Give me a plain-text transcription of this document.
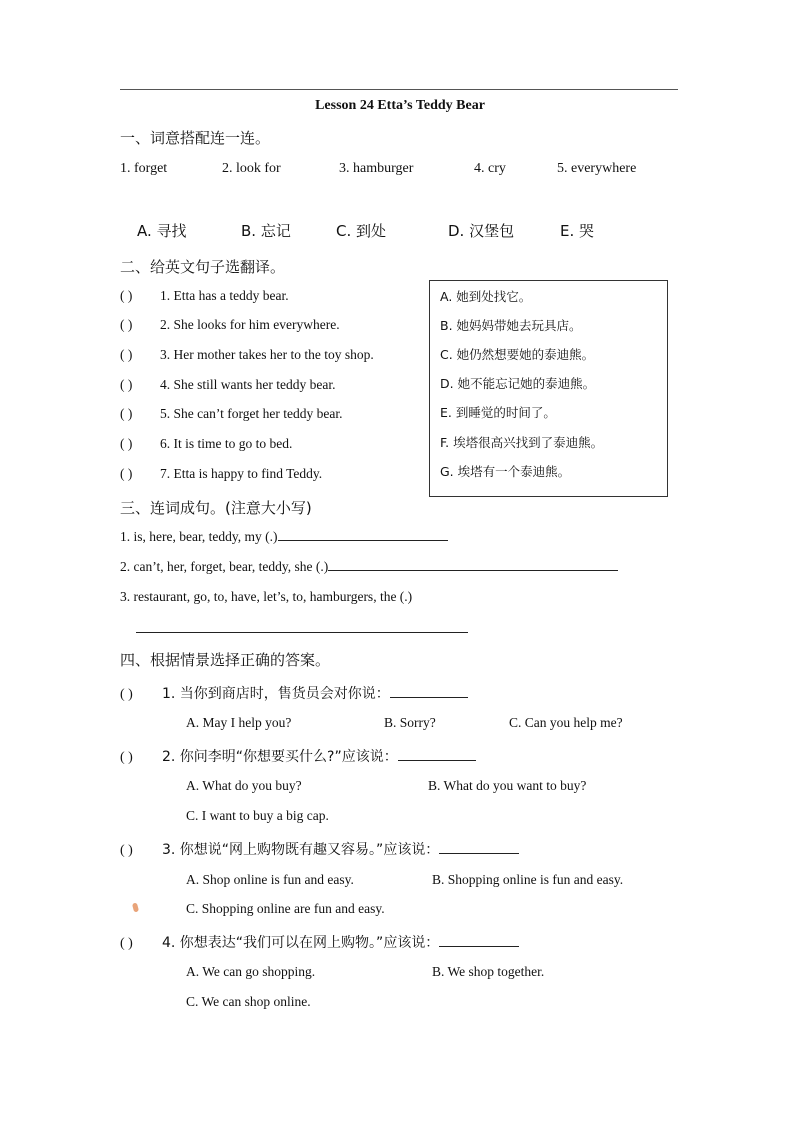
Lesson 24 Etta’s Teddy Bear
一、词意搭配连一连。
1. forget	2. look for	3. hamburger	4. cry	5. everywhere
A. 寻找	B. 忘记	C. 到处	D. 汉堡包	E. 哭
二、给英文句子选翻译。
( ) 1. Etta has a teddy bear.
( ) 2. She looks for him everywhere.
( ) 3. Her mother takes her to the toy shop.
( ) 4. She still wants her teddy bear.
( ) 5. She can’t forget her teddy bear.
( ) 6. It is time to go to bed.
( ) 7. Etta is happy to find Teddy.
A. 她到处找它。
B. 她妈妈带她去玩具店。
C. 她仍然想要她的泰迪熊。
D. 她不能忘记她的泰迪熊。
E. 到睡觉的时间了。
F. 埃塔很高兴找到了泰迪熊。
G. 埃塔有一个泰迪熊。
三、连词成句。(注意大小写)
1. is, here, bear, teddy, my (.)
2. can’t, her, forget, bear, teddy, she (.)
3. restaurant, go, to, have, let’s, to, hamburgers, the (.)
四、根据情景选择正确的答案。
( ) 1. 当你到商店时，售货员会对你说：
A. May I help you?	B. Sorry?	C. Can you help me?
( ) 2. 你问李明“你想要买什么?”应该说：
A. What do you buy?	B. What do you want to buy?
C. I want to buy a big cap.
( ) 3. 你想说“网上购物既有趣又容易。”应该说：
A. Shop online is fun and easy.	B. Shopping online is fun and easy.
C. Shopping online are fun and easy.
( ) 4. 你想表达“我们可以在网上购物。”应该说：
A. We can go shopping.	B. We shop together.
C. We can shop online.
